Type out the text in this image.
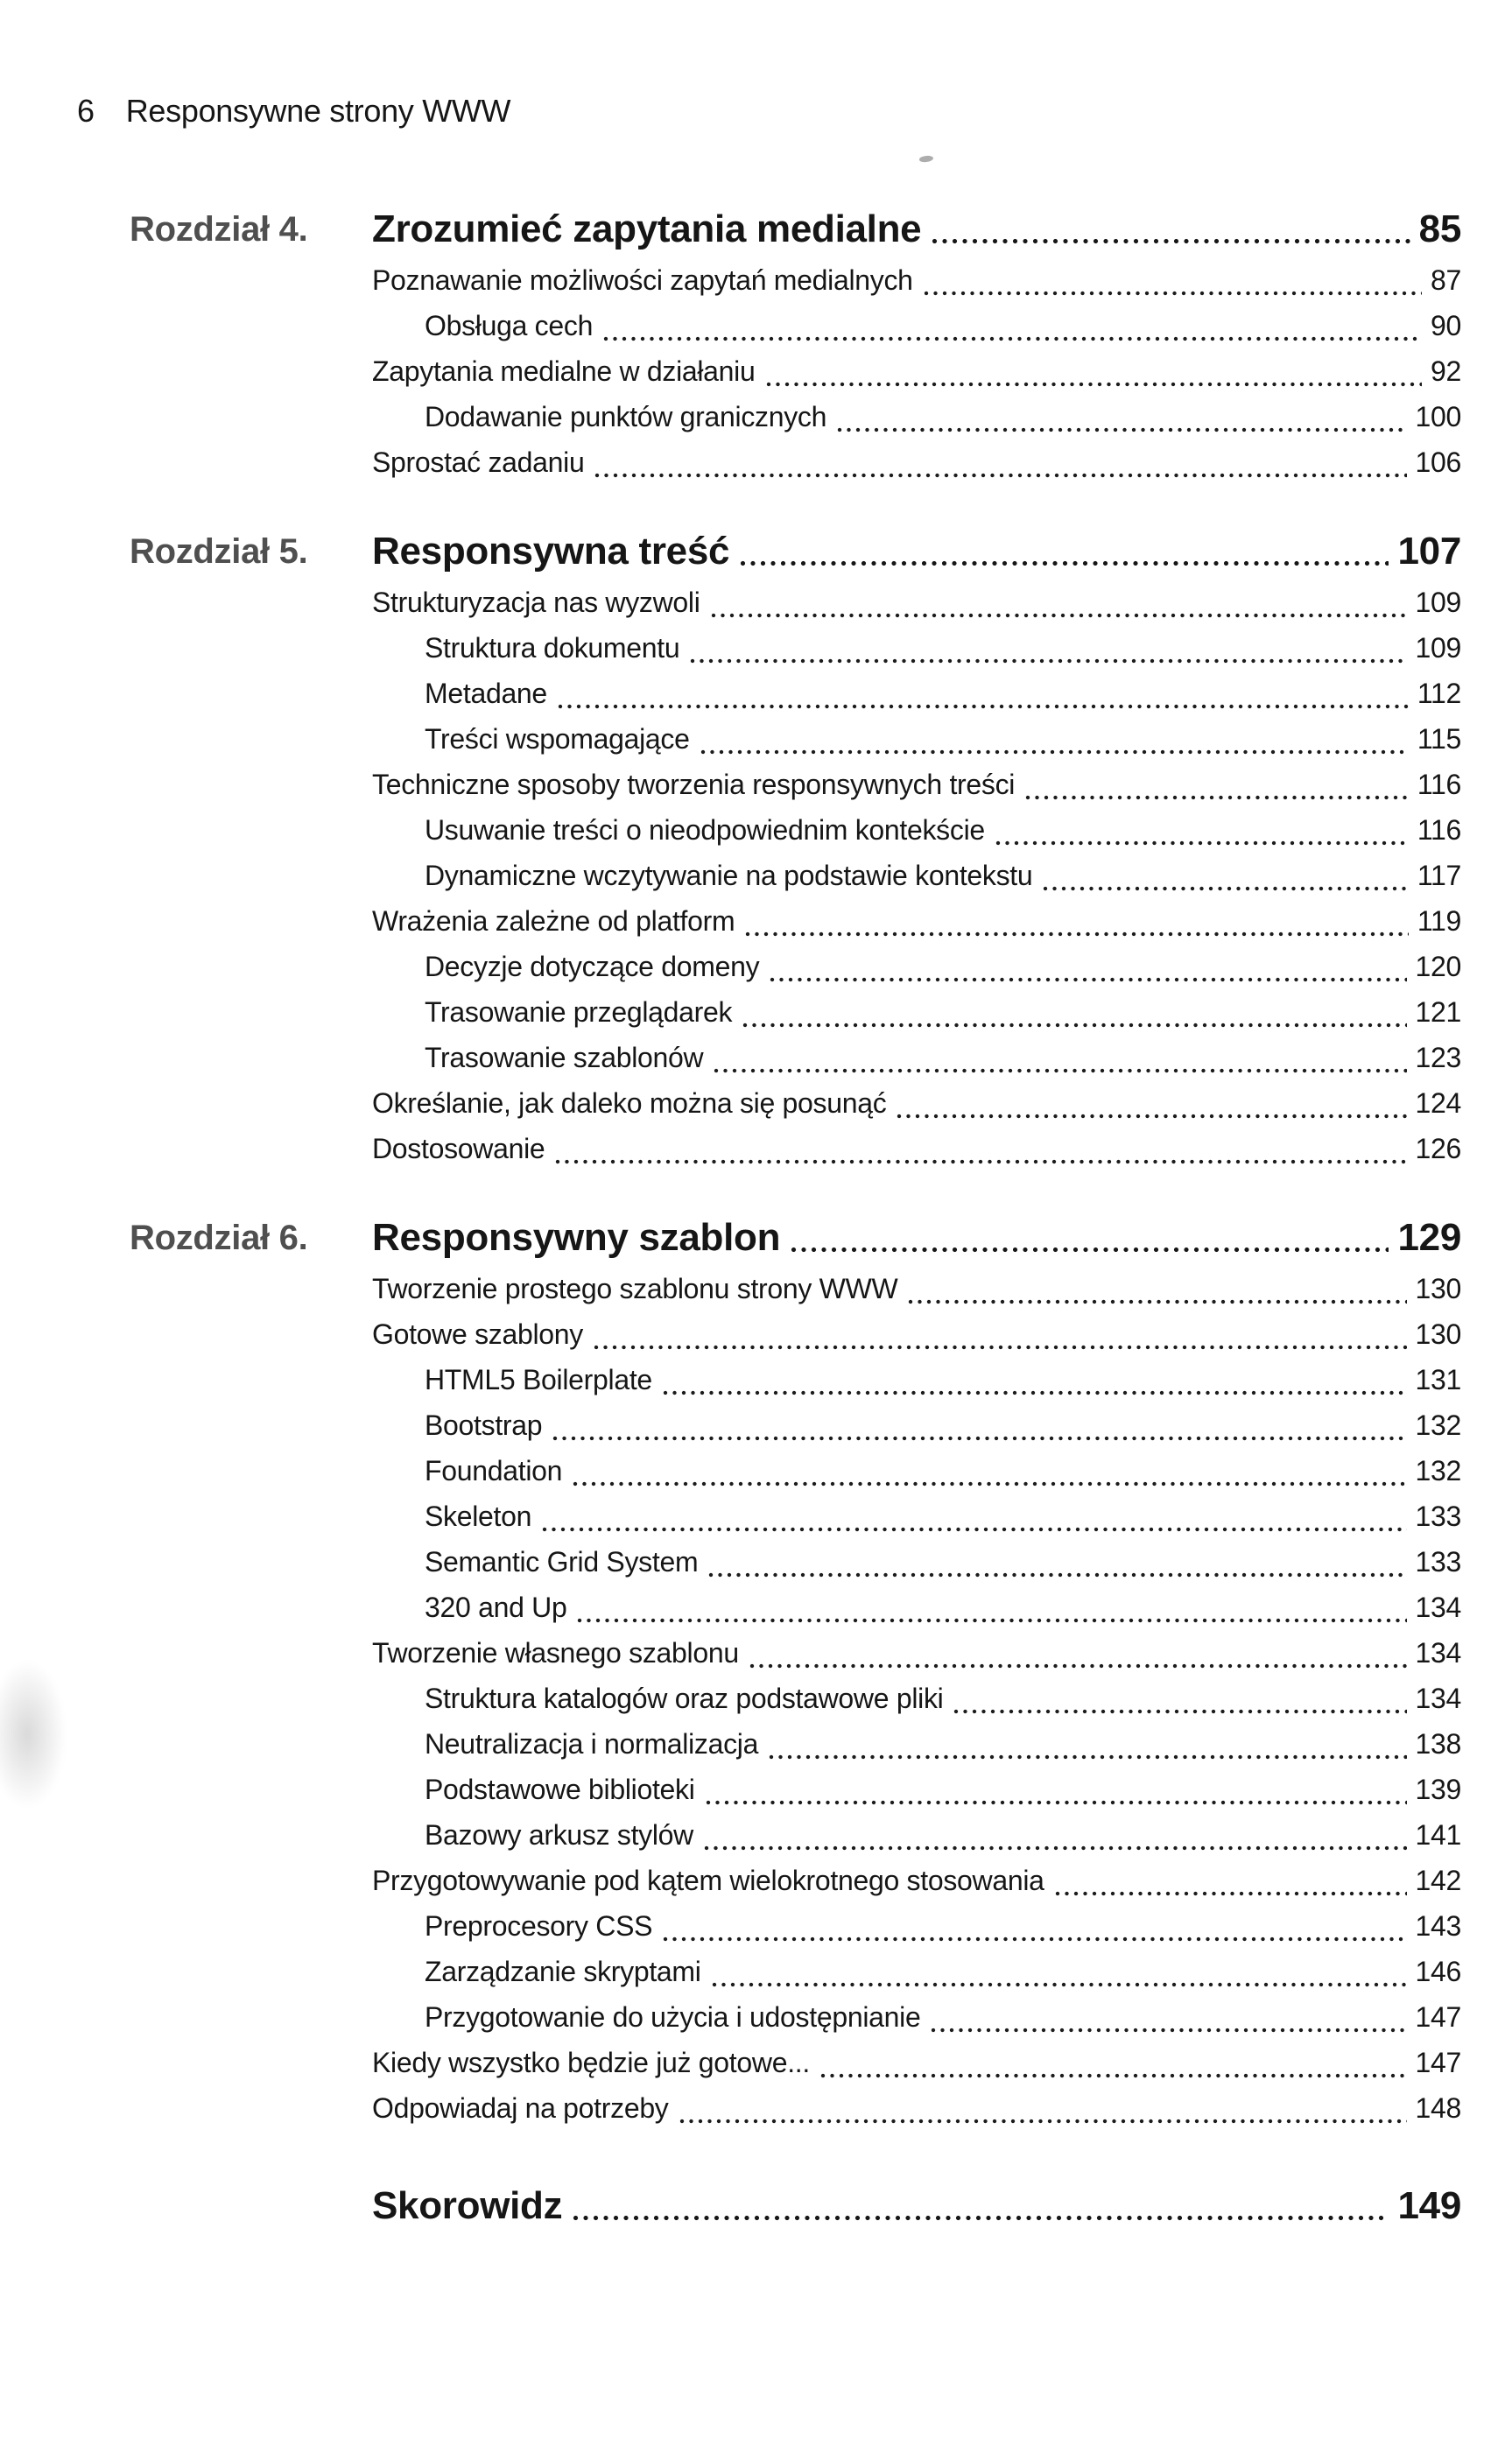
6 Responsywne strony WWW
Rozdział 4.	Zrozumieć zapytania medialne	85
Poznawanie możliwości zapytań medialnych	87
Obsługa cech	90
Zapytania medialne w działaniu	92
Dodawanie punktów granicznych	100
Sprostać zadaniu	106
Rozdział 5.	Responsywna treść	107
Strukturyzacja nas wyzwoli	109
Struktura dokumentu	109
Metadane	112
Treści wspomagające	115
Techniczne sposoby tworzenia responsywnych treści	116
Usuwanie treści o nieodpowiednim kontekście	116
Dynamiczne wczytywanie na podstawie kontekstu	117
Wrażenia zależne od platform	119
Decyzje dotyczące domeny	120
Trasowanie przeglądarek	121
Trasowanie szablonów	123
Określanie, jak daleko można się posunąć	124
Dostosowanie	126
Rozdział 6.	Responsywny szablon	129
Tworzenie prostego szablonu strony WWW	130
Gotowe szablony	130
HTML5 Boilerplate	131
Bootstrap	132
Foundation	132
Skeleton	133
Semantic Grid System	133
320 and Up	134
Tworzenie własnego szablonu	134
Struktura katalogów oraz podstawowe pliki	134
Neutralizacja i normalizacja	138
Podstawowe biblioteki	139
Bazowy arkusz stylów	141
Przygotowywanie pod kątem wielokrotnego stosowania	142
Preprocesory CSS	143
Zarządzanie skryptami	146
Przygotowanie do użycia i udostępnianie	147
Kiedy wszystko będzie już gotowe...	147
Odpowiadaj na potrzeby	148
Skorowidz	149
